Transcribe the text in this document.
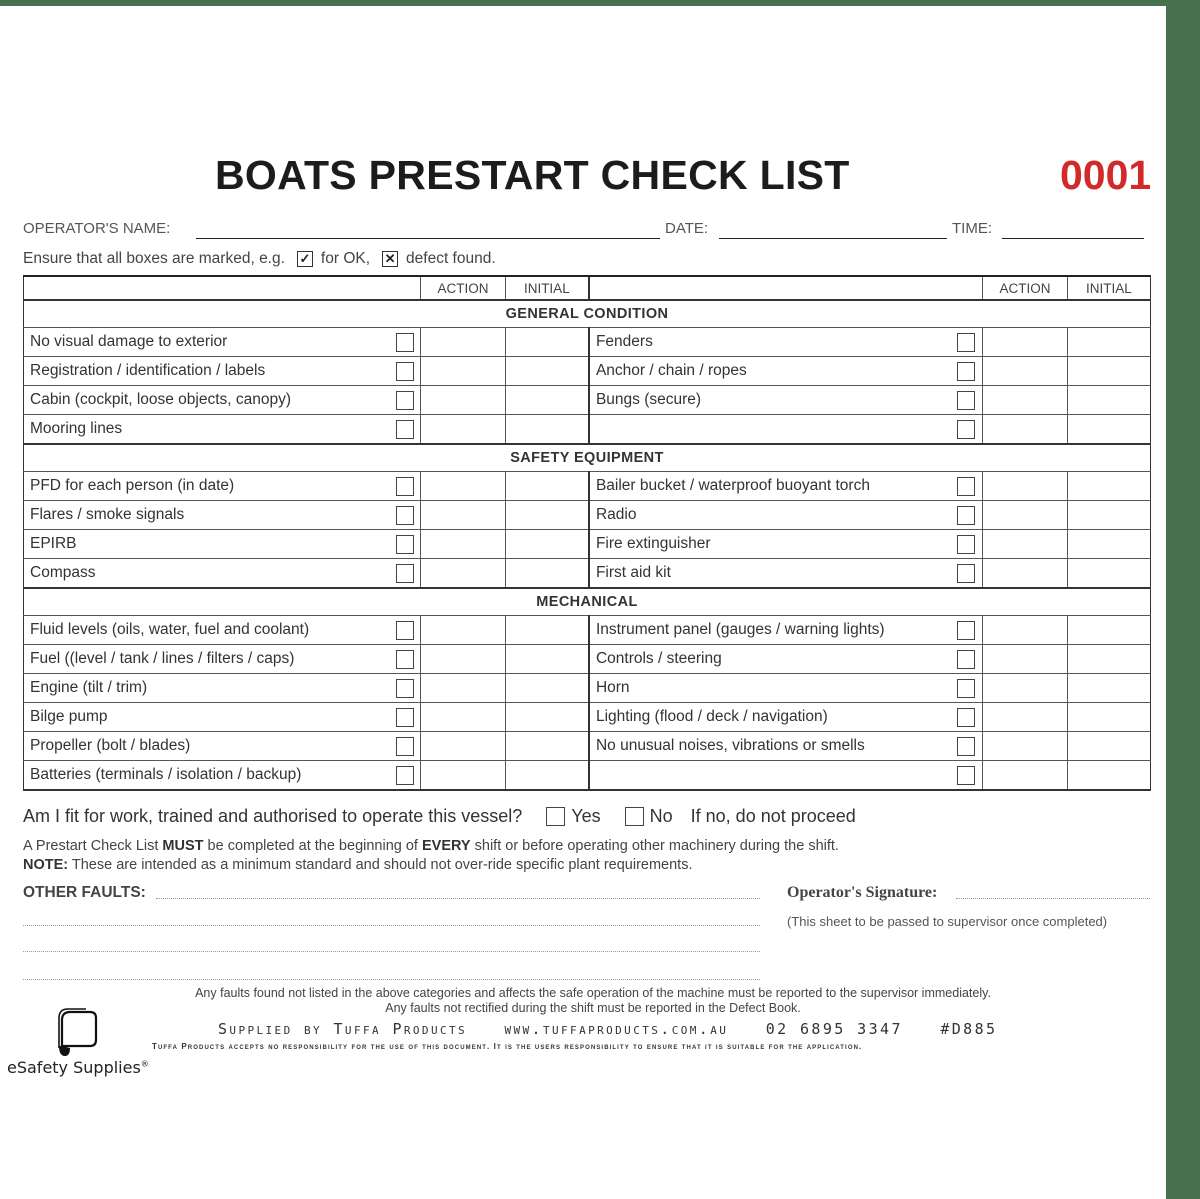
BOATS PRESTART CHECK LIST	0001
OPERATOR'S NAME:	DATE:	TIME:
Ensure that all boxes are marked, e.g. ✓ for OK, ✕ defect found.
		ACTION	INITIAL			ACTION	INITIAL
GENERAL CONDITION							
No visual damage to exterior				Fenders			
Registration / identification / labels				Anchor / chain / ropes			
Cabin (cockpit, loose objects, canopy)				Bungs (secure)			
Mooring lines							
SAFETY EQUIPMENT							
PFD for each person (in date)				Bailer bucket / waterproof buoyant torch			
Flares / smoke signals				Radio			
EPIRB				Fire extinguisher			
Compass				First aid kit			
MECHANICAL							
Fluid levels (oils, water, fuel and coolant)				Instrument panel (gauges / warning lights)			
Fuel ((level / tank / lines / filters / caps)				Controls / steering			
Engine (tilt / trim)				Horn			
Bilge pump				Lighting (flood / deck / navigation)			
Propeller (bolt / blades)				No unusual noises, vibrations or smells			
Batteries (terminals / isolation / backup)							
Am I fit for work, trained and authorised to operate this vessel?	Yes	No If no, do not proceed
A Prestart Check List MUST be completed at the beginning of EVERY shift or before operating other machinery during the shift.
NOTE: These are intended as a minimum standard and should not over-ride specific plant requirements.
OTHER FAULTS:	Operator's Signature:
(This sheet to be passed to supervisor once completed)
Any faults found not listed in the above categories and affects the safe operation of the machine must be reported to the supervisor immediately.
Any faults not rectified during the shift must be reported in the Defect Book.
Supplied by Tuffa Products www.tuffaproducts.com.au 02 6895 3347 #D885
Tuffa Products accepts no responsibility for the use of this document. It is the users responsibility to ensure that it is suitable for the application.
eSafety Supplies®
